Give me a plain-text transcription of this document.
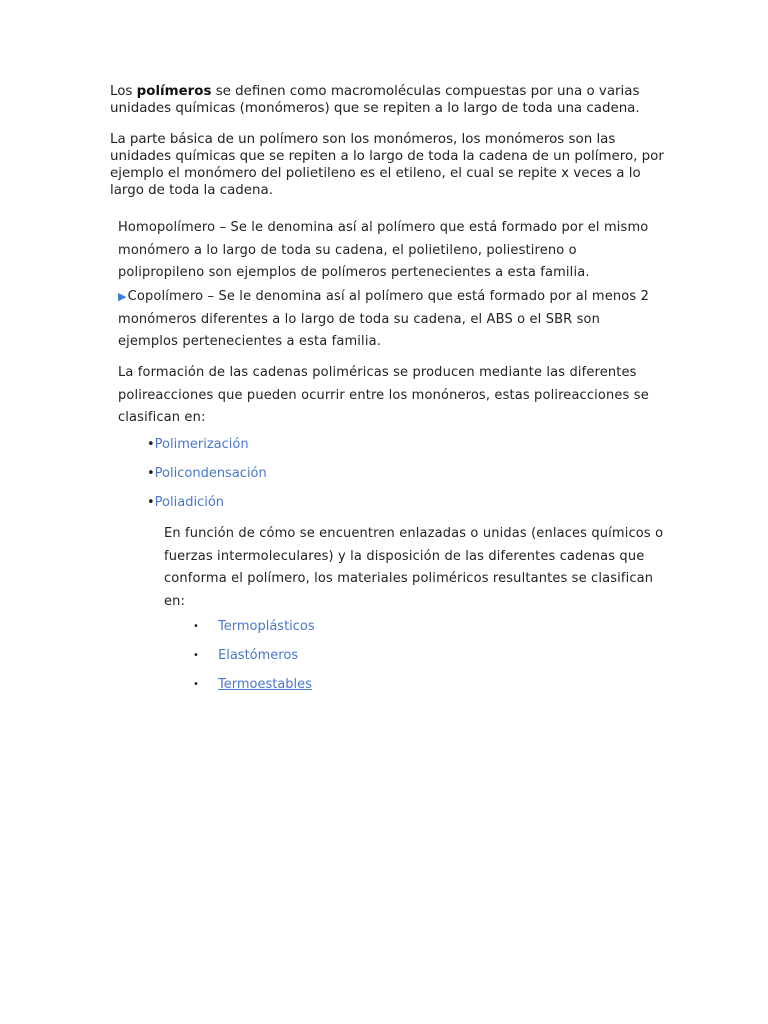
Los polímeros se definen como macromoléculas compuestas por una o varias unidades químicas (monómeros) que se repiten a lo largo de toda una cadena.

La parte básica de un polímero son los monómeros, los monómeros son las unidades químicas que se repiten a lo largo de toda la cadena de un polímero, por ejemplo el monómero del polietileno es el etileno, el cual se repite x veces a lo largo de toda la cadena.

Homopolímero – Se le denomina así al polímero que está formado por el mismo monómero a lo largo de toda su cadena, el polietileno, poliestireno o polipropileno son ejemplos de polímeros pertenecientes a esta familia.

▶Copolímero – Se le denomina así al polímero que está formado por al menos 2 monómeros diferentes a lo largo de toda su cadena, el ABS o el SBR son ejemplos pertenecientes a esta familia.

La formación de las cadenas poliméricas se producen mediante las diferentes polireacciones que pueden ocurrir entre los monóneros, estas polireacciones se clasifican en:

•Polimerización
•Policondensación
•Poliadición

En función de cómo se encuentren enlazadas o unidas (enlaces químicos o fuerzas intermoleculares) y la disposición de las diferentes cadenas que conforma el polímero, los materiales poliméricos resultantes se clasifican en:

• Termoplásticos
• Elastómeros
• Termoestables
